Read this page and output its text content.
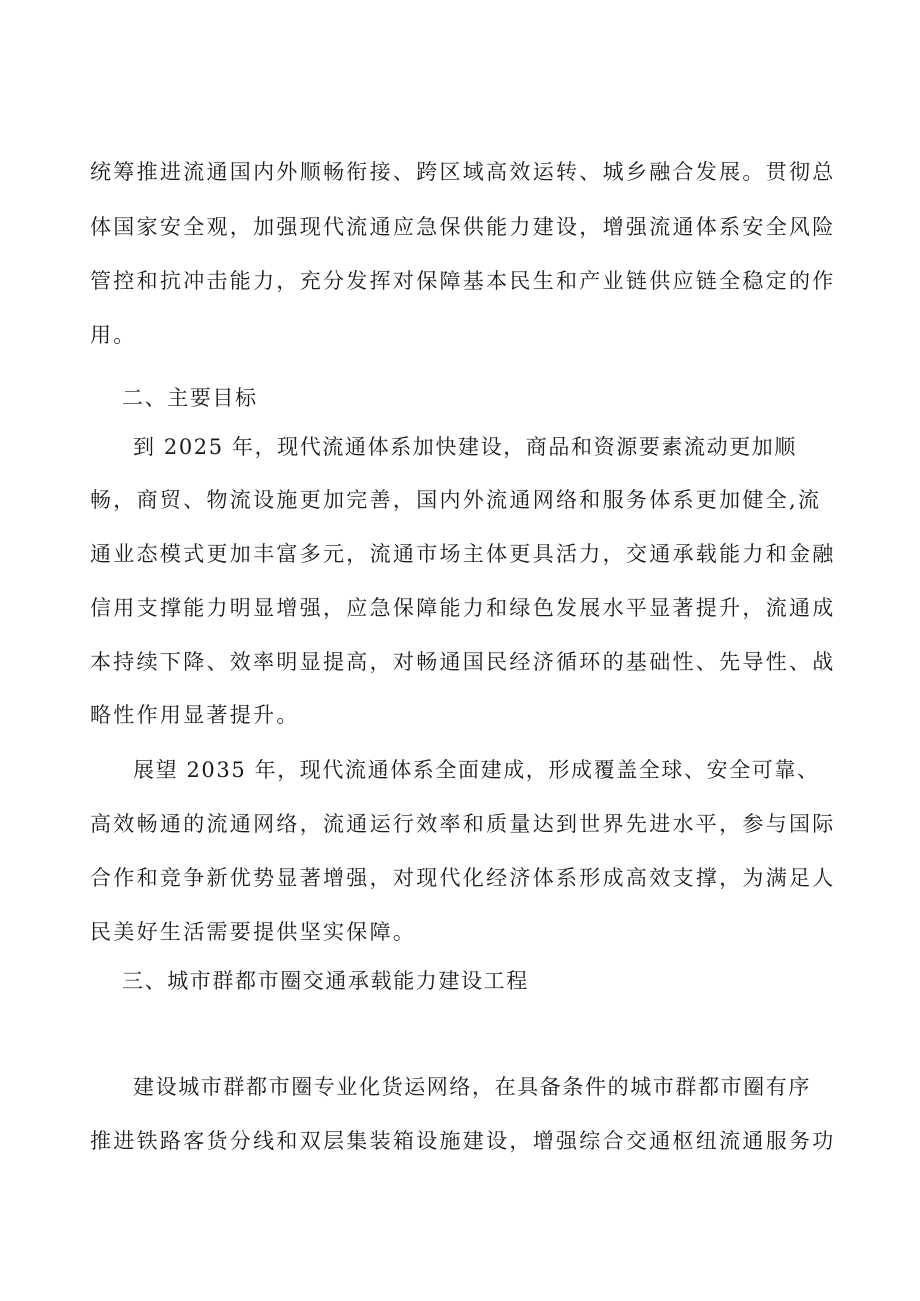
统筹推进流通国内外顺畅衔接、跨区域高效运转、城乡融合发展。贯彻总
体国家安全观，加强现代流通应急保供能力建设，增强流通体系安全风险
管控和抗冲击能力，充分发挥对保障基本民生和产业链供应链全稳定的作
用。
二、主要目标
到 2025 年，现代流通体系加快建设，商品和资源要素流动更加顺
畅，商贸、物流设施更加完善，国内外流通网络和服务体系更加健全,流
通业态模式更加丰富多元，流通市场主体更具活力，交通承载能力和金融
信用支撑能力明显增强，应急保障能力和绿色发展水平显著提升，流通成
本持续下降、效率明显提高，对畅通国民经济循环的基础性、先导性、战
略性作用显著提升。
展望 2035 年，现代流通体系全面建成，形成覆盖全球、安全可靠、
高效畅通的流通网络，流通运行效率和质量达到世界先进水平，参与国际
合作和竞争新优势显著增强，对现代化经济体系形成高效支撑，为满足人
民美好生活需要提供坚实保障。
三、城市群都市圈交通承载能力建设工程
建设城市群都市圈专业化货运网络，在具备条件的城市群都市圈有序
推进铁路客货分线和双层集装箱设施建设，增强综合交通枢纽流通服务功
